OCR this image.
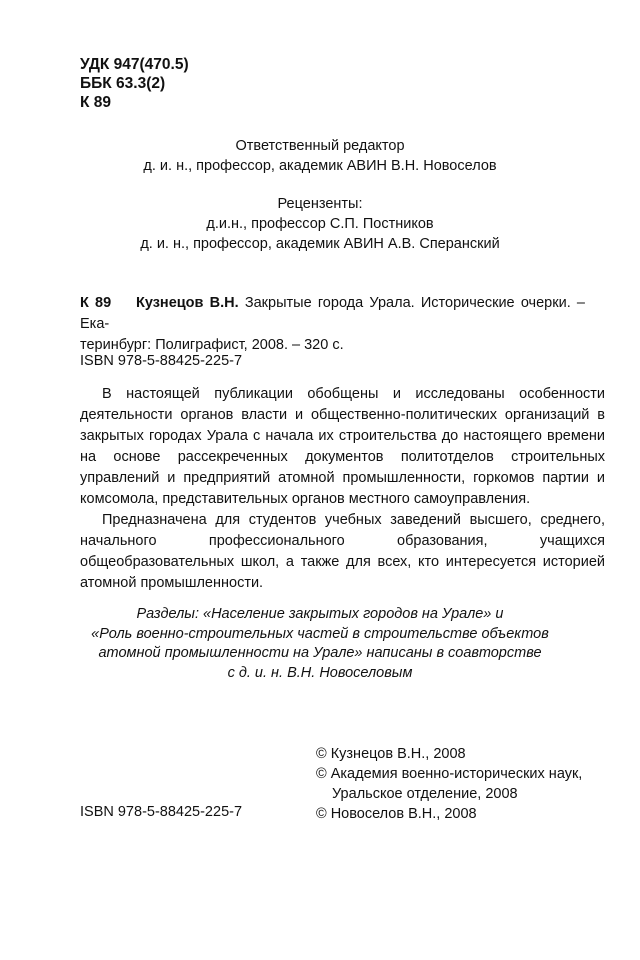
УДК 947(470.5)
ББК 63.3(2)
К 89
Ответственный редактор
д. и. н., профессор, академик АВИН В.Н. Новоселов
Рецензенты:
д.и.н., профессор С.П. Постников
д. и. н., профессор, академик АВИН А.В. Сперанский
К 89 Кузнецов В.Н. Закрытые города Урала. Исторические очерки. – Ека-
теринбург: Полиграфист, 2008. – 320 с.
ISBN 978-5-88425-225-7

В настоящей публикации обобщены и исследованы особенности деятельности органов власти и общественно-политических организаций в закрытых городах Урала с начала их строительства до настоящего времени на основе рассекреченных документов политотделов строительных управлений и предприятий атомной промышленности, горкомов партии и комсомола, представительных органов местного самоуправления.

Предназначена для студентов учебных заведений высшего, среднего, начального профессионального образования, учащихся общеобразовательных школ, а также для всех, кто интересуется историей атомной промышленности.

Разделы: «Население закрытых городов на Урале» и
«Роль военно-строительных частей в строительстве объектов
атомной промышленности на Урале» написаны в соавторстве
с д. и. н. В.Н. Новоселовым
© Кузнецов В.Н., 2008
© Академия военно-исторических наук,
Уральское отделение, 2008
© Новоселов В.Н., 2008
ISBN 978-5-88425-225-7
